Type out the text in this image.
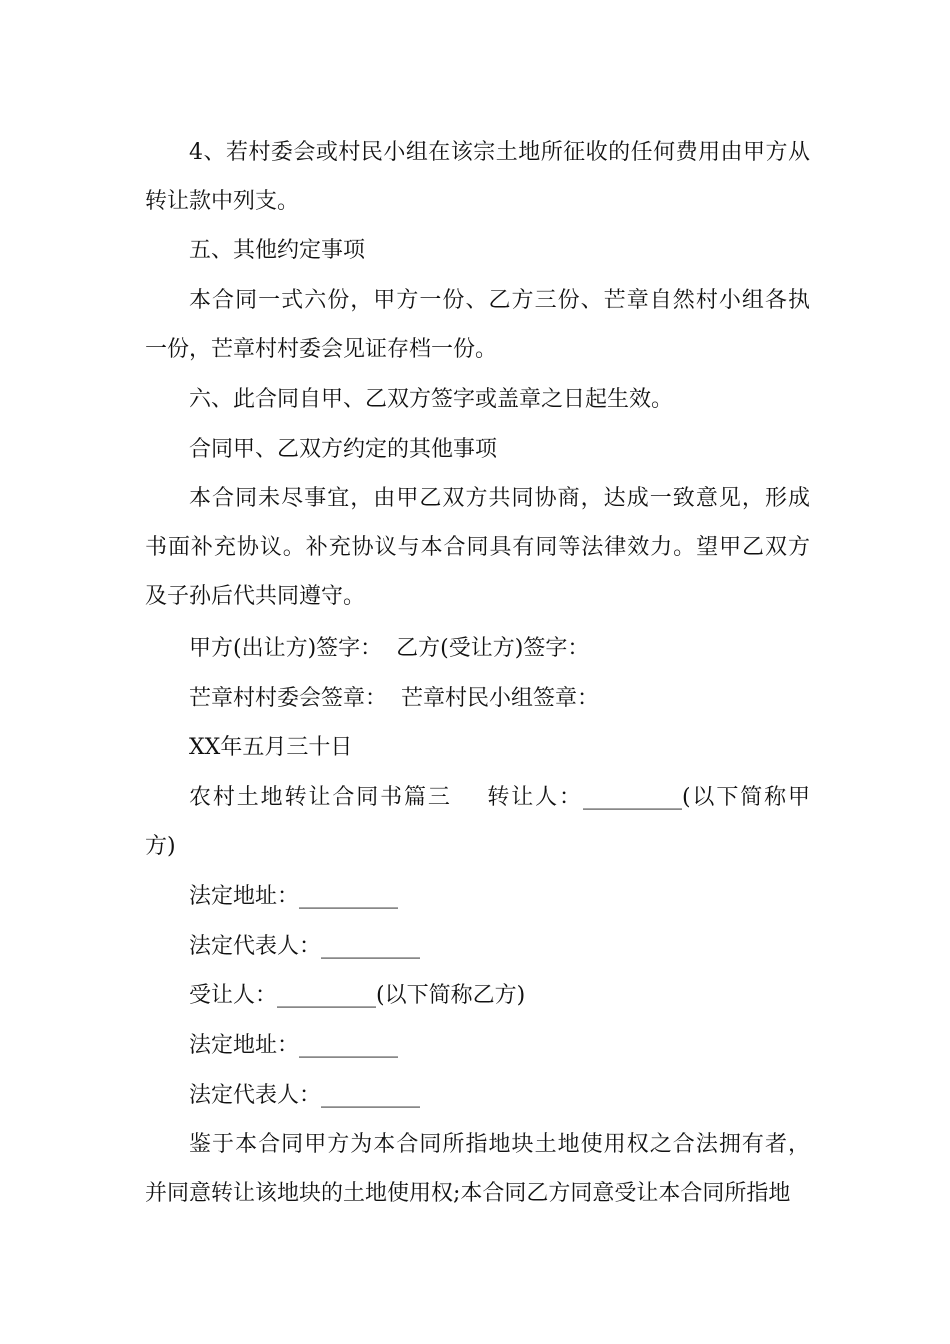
4、若村委会或村民小组在该宗土地所征收的任何费用由甲方从
转让款中列支。

五、其他约定事项

本合同一式六份，甲方一份、乙方三份、芒章自然村小组各执
一份，芒章村村委会见证存档一份。

六、此合同自甲、乙双方签字或盖章之日起生效。

合同甲、乙双方约定的其他事项

本合同未尽事宜，由甲乙双方共同协商，达成一致意见，形成
书面补充协议。补充协议与本合同具有同等法律效力。望甲乙双方
及子孙后代共同遵守。

甲方(出让方)签字：  乙方(受让方)签字：

芒章村村委会签章：  芒章村民小组签章：

XX年五月三十日

农村土地转让合同书篇三    转让人：_________(以下简称甲
方)

法定地址：_________

法定代表人：_________

受让人：_________(以下简称乙方)

法定地址：_________

法定代表人：_________

鉴于本合同甲方为本合同所指地块土地使用权之合法拥有者，
并同意转让该地块的土地使用权;本合同乙方同意受让本合同所指地
